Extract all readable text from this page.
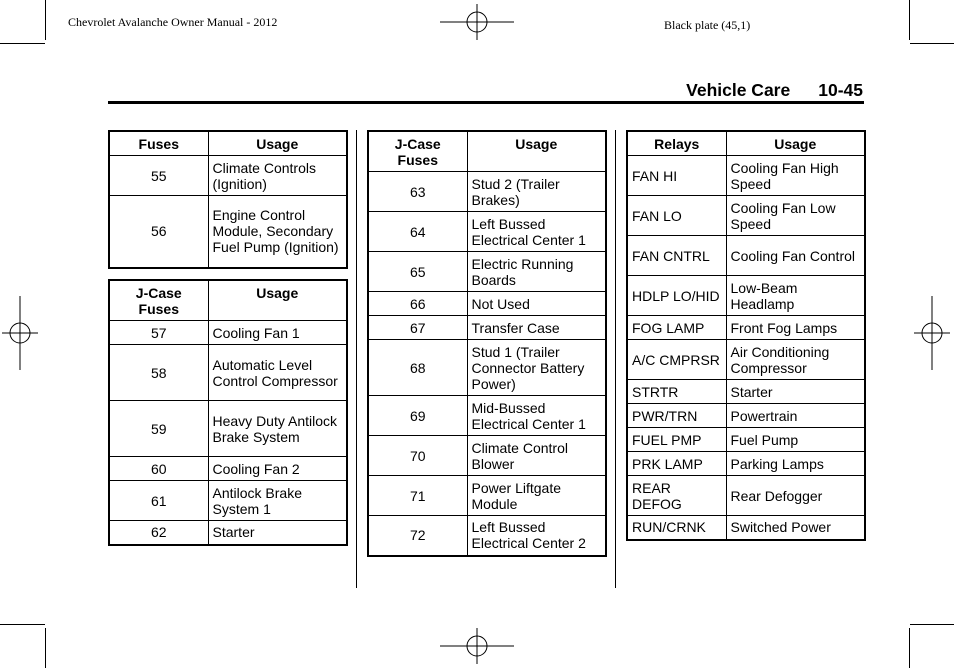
Chevrolet Avalanche Owner Manual - 2012	Black plate (45,1)
Vehicle Care 10-45
Fuses	Usage
55	Climate Controls (Ignition)
56	Engine Control Module, Secondary Fuel Pump (Ignition)
J-Case Fuses	Usage
57	Cooling Fan 1
58	Automatic Level Control Compressor
59	Heavy Duty Antilock Brake System
60	Cooling Fan 2
61	Antilock Brake System 1
62	Starter
J-Case Fuses	Usage
63	Stud 2 (Trailer Brakes)
64	Left Bussed Electrical Center 1
65	Electric Running Boards
66	Not Used
67	Transfer Case
68	Stud 1 (Trailer Connector Battery Power)
69	Mid-Bussed Electrical Center 1
70	Climate Control Blower
71	Power Liftgate Module
72	Left Bussed Electrical Center 2
Relays	Usage
FAN HI	Cooling Fan High Speed
FAN LO	Cooling Fan Low Speed
FAN CNTRL	Cooling Fan Control
HDLP LO/HID	Low-Beam Headlamp
FOG LAMP	Front Fog Lamps
A/C CMPRSR	Air Conditioning Compressor
STRTR	Starter
PWR/TRN	Powertrain
FUEL PMP	Fuel Pump
PRK LAMP	Parking Lamps
REAR DEFOG	Rear Defogger
RUN/CRNK	Switched Power
